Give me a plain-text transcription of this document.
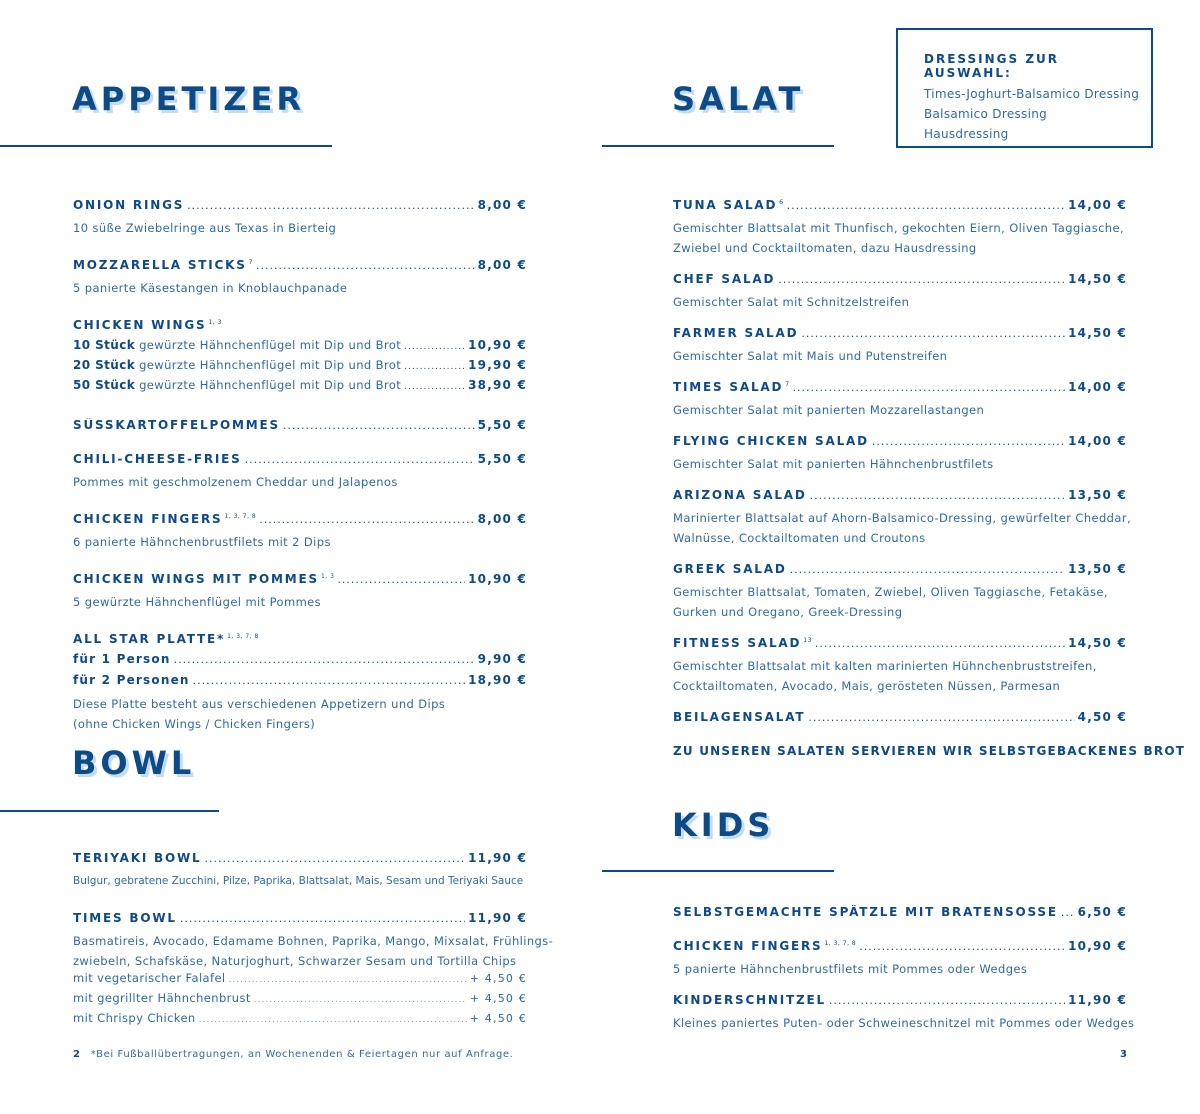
APPETIZER
ONION RINGS .....	8,00 €
10 süße Zwiebelringe aus Texas in Bierteig
MOZZARELLA STICKS $^7$ .....	8,00 €
5 panierte Käsestangen in Knoblauchpanade
CHICKEN WINGS $^{1, 3}$
10 Stück gewürzte Hähnchenflügel mit Dip und Brot .....	10,90 €
20 Stück gewürzte Hähnchenflügel mit Dip und Brot .....	19,90 €
50 Stück gewürzte Hähnchenflügel mit Dip und Brot .....	38,90 €
SÜSSKARTOFFELPOMMES .....	5,50 €
CHILI-CHEESE-FRIES .....	5,50 €
Pommes mit geschmolzenem Cheddar und Jalapenos
CHICKEN FINGERS $^{1, 3, 7, 8}$ .....	8,00 €
6 panierte Hähnchenbrustfilets mit 2 Dips
CHICKEN WINGS MIT POMMES $^{1, 3}$ .....	10,90 €
5 gewürzte Hähnchenflügel mit Pommes
ALL STAR PLATTE* $^{1, 3, 7, 8}$
für 1 Person .....	9,90 €
für 2 Personen .....	18,90 €
Diese Platte besteht aus verschiedenen Appetizern und Dips
(ohne Chicken Wings / Chicken Fingers)
BOWL
TERIYAKI BOWL .....	11,90 €
Bulgur, gebratene Zucchini, Pilze, Paprika, Blattsalat, Mais, Sesam und Teriyaki Sauce
TIMES BOWL .....	11,90 €
Basmatireis, Avocado, Edamame Bohnen, Paprika, Mango, Mixsalat, Frühlings-
zwiebeln, Schafskäse, Naturjoghurt, Schwarzer Sesam und Tortilla Chips
mit vegetarischer Falafel .....	+ 4,50 €
mit gegrillter Hähnchenbrust .....	+ 4,50 €
mit Chrispy Chicken .....	+ 4,50 €
2 *Bei Fußballübertragungen, an Wochenenden & Feiertagen nur auf Anfrage.
SALAT
DRESSINGS ZUR AUSWAHL:
Times-Joghurt-Balsamico Dressing
Balsamico Dressing
Hausdressing
TUNA SALAD $^6$ .....	14,00 €
Gemischter Blattsalat mit Thunfisch, gekochten Eiern, Oliven Taggiasche,
Zwiebel und Cocktailtomaten, dazu Hausdressing
CHEF SALAD .....	14,50 €
Gemischter Salat mit Schnitzelstreifen
FARMER SALAD .....	14,50 €
Gemischter Salat mit Mais und Putenstreifen
TIMES SALAD $^7$ .....	14,00 €
Gemischter Salat mit panierten Mozzarellastangen
FLYING CHICKEN SALAD .....	14,00 €
Gemischter Salat mit panierten Hähnchenbrustfilets
ARIZONA SALAD .....	13,50 €
Marinierter Blattsalat auf Ahorn-Balsamico-Dressing, gewürfelter Cheddar,
Walnüsse, Cocktailtomaten und Croutons
GREEK SALAD .....	13,50 €
Gemischter Blattsalat, Tomaten, Zwiebel, Oliven Taggiasche, Fetakäse,
Gurken und Oregano, Greek-Dressing
FITNESS SALAD $^{13}$ .....	14,50 €
Gemischter Blattsalat mit kalten marinierten Hühnchenbruststreifen,
Cocktailtomaten, Avocado, Mais, gerösteten Nüssen, Parmesan
BEILAGENSALAT .....	4,50 €
ZU UNSEREN SALATEN SERVIEREN WIR SELBSTGEBACKENES BROT
KIDS
SELBSTGEMACHTE SPÄTZLE MIT BRATENSOSSE ..... 6,50 €
CHICKEN FINGERS $^{1, 3, 7, 8}$ .....	10,90 €
5 panierte Hähnchenbrustfilets mit Pommes oder Wedges
KINDERSCHNITZEL .....	11,90 €
Kleines paniertes Puten- oder Schweineschnitzel mit Pommes oder Wedges
3
